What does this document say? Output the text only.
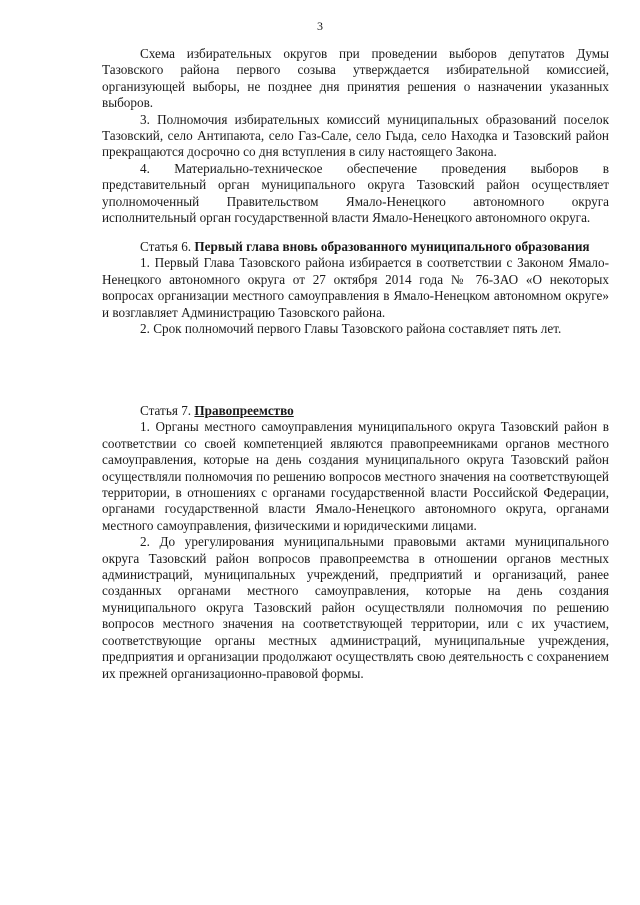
3

Схема избирательных округов при проведении выборов депутатов Думы Тазовского района первого созыва утверждается избирательной комиссией, организующей выборы, не позднее дня принятия решения о назначении указанных выборов.

3. Полномочия избирательных комиссий муниципальных образований поселок Тазовский, село Антипаюта, село Газ-Сале, село Гыда, село Находка и Тазовский район прекращаются досрочно со дня вступления в силу настоящего Закона.

4. Материально-техническое обеспечение проведения выборов в представительный орган муниципального округа Тазовский район осуществляет уполномоченный Правительством Ямало-Ненецкого автономного округа исполнительный орган государственной власти Ямало-Ненецкого автономного округа.

Статья 6. Первый глава вновь образованного муниципального образования

1. Первый Глава Тазовского района избирается в соответствии с Законом Ямало-Ненецкого автономного округа от 27 октября 2014 года № 76-ЗАО «О некоторых вопросах организации местного самоуправления в Ямало-Ненецком автономном округе» и возглавляет Администрацию Тазовского района.

2. Срок полномочий первого Главы Тазовского района составляет пять лет.

Статья 7. Правопреемство

1. Органы местного самоуправления муниципального округа Тазовский район в соответствии со своей компетенцией являются правопреемниками органов местного самоуправления, которые на день создания муниципального округа Тазовский район осуществляли полномочия по решению вопросов местного значения на соответствующей территории, в отношениях с органами государственной власти Российской Федерации, органами государственной власти Ямало-Ненецкого автономного округа, органами местного самоуправления, физическими и юридическими лицами.

2. До урегулирования муниципальными правовыми актами муниципального округа Тазовский район вопросов правопреемства в отношении органов местных администраций, муниципальных учреждений, предприятий и организаций, ранее созданных органами местного самоуправления, которые на день создания муниципального округа Тазовский район осуществляли полномочия по решению вопросов местного значения на соответствующей территории, или с их участием, соответствующие органы местных администраций, муниципальные учреждения, предприятия и организации продолжают осуществлять свою деятельность с сохранением их прежней организационно-правовой формы.
